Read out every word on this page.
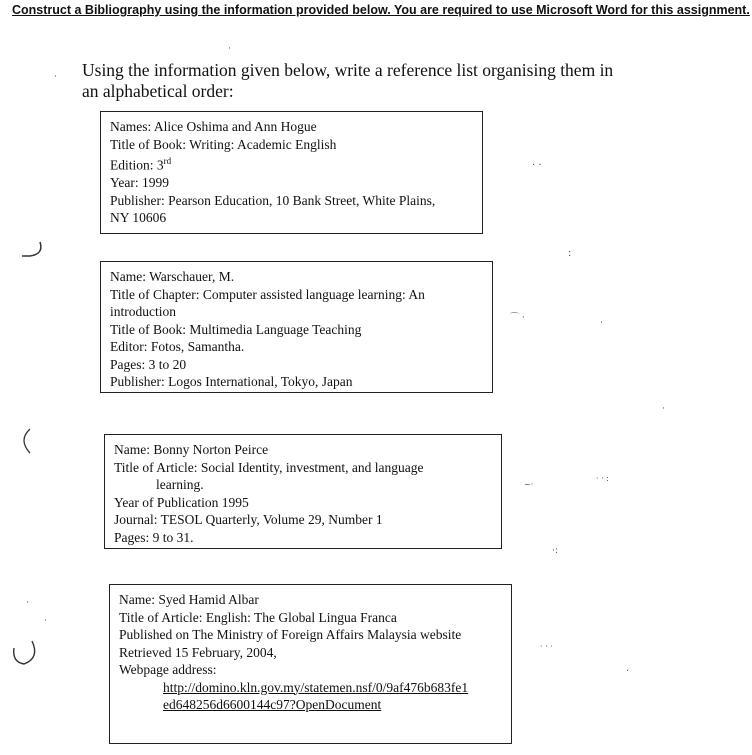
Construct a Bibliography using the information provided below. You are required to use Microsoft Word for this assignment.
Using the information given below, write a reference list organising them in
an alphabetical order:
Names: Alice Oshima and Ann Hogue
Title of Book: Writing: Academic English
Edition: 3rd
Year: 1999
Publisher: Pearson Education, 10 Bank Street, White Plains,
NY 10606
Name: Warschauer, M.
Title of Chapter: Computer assisted language learning: An
introduction
Title of Book: Multimedia Language Teaching
Editor: Fotos, Samantha.
Pages: 3 to 20
Publisher: Logos International, Tokyo, Japan
Name: Bonny Norton Peirce
Title of Article: Social Identity, investment, and language
learning.
Year of Publication 1995
Journal: TESOL Quarterly, Volume 29, Number 1
Pages: 9 to 31.
Name: Syed Hamid Albar
Title of Article: English: The Global Lingua Franca
Published on The Ministry of Foreign Affairs Malaysia website
Retrieved 15 February, 2004,
Webpage address:
http://domino.kln.gov.my/statemen.nsf/0/9af476b683fe1
ed648256d6600144c97?OpenDocument
·
·
· ·
:
⌒ ·	·
~·
· · :
·:
· · ·
·
·
·
·
